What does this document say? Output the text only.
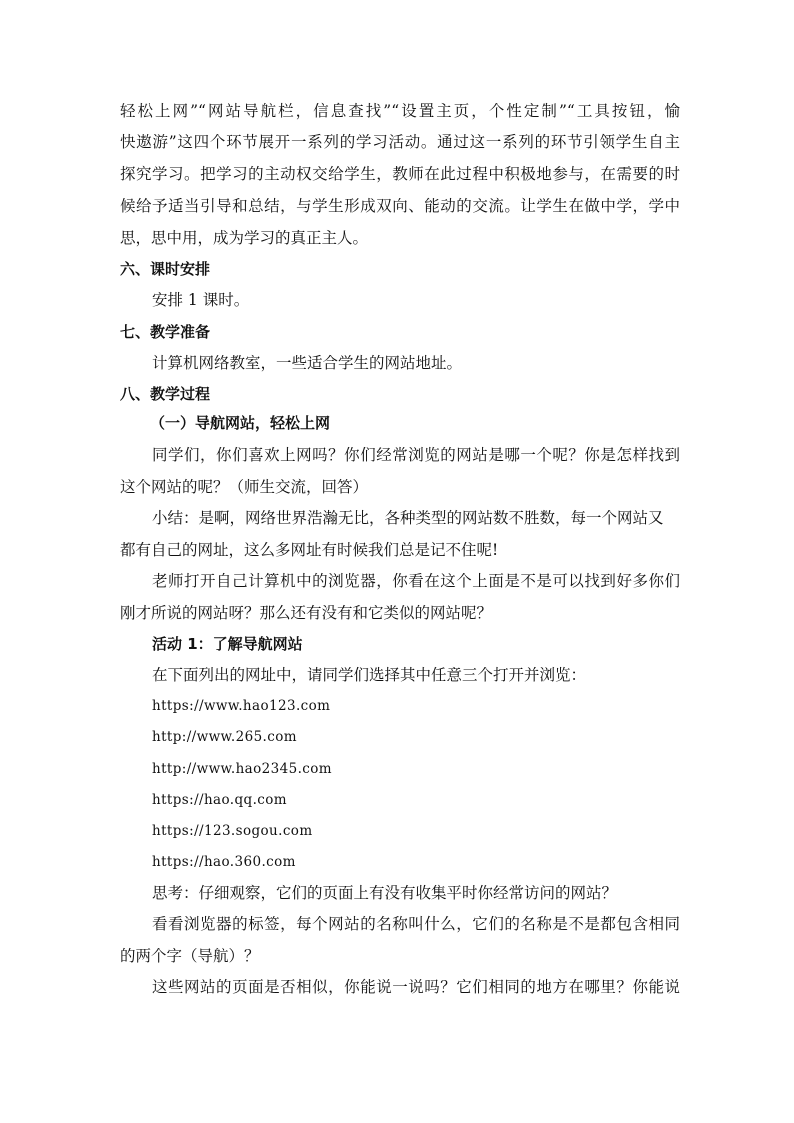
轻松上网”“网站导航栏，信息查找”“设置主页，个性定制”“工具按钮，愉
快遨游”这四个环节展开一系列的学习活动。通过这一系列的环节引领学生自主
探究学习。把学习的主动权交给学生，教师在此过程中积极地参与，在需要的时
候给予适当引导和总结，与学生形成双向、能动的交流。让学生在做中学，学中
思，思中用，成为学习的真正主人。
六、课时安排
安排 1 课时。
七、教学准备
计算机网络教室，一些适合学生的网站地址。
八、教学过程
（一）导航网站，轻松上网
同学们，你们喜欢上网吗？你们经常浏览的网站是哪一个呢？你是怎样找到
这个网站的呢？（师生交流，回答）
小结：是啊，网络世界浩瀚无比，各种类型的网站数不胜数，每一个网站又
都有自己的网址，这么多网址有时候我们总是记不住呢!
老师打开自己计算机中的浏览器，你看在这个上面是不是可以找到好多你们
刚才所说的网站呀？那么还有没有和它类似的网站呢？
活动 1：了解导航网站
在下面列出的网址中，请同学们选择其中任意三个打开并浏览：
https://www.hao123.com
http://www.265.com
http://www.hao2345.com
https://hao.qq.com
https://123.sogou.com
https://hao.360.com
思考：仔细观察，它们的页面上有没有收集平时你经常访问的网站？
看看浏览器的标签，每个网站的名称叫什么，它们的名称是不是都包含相同
的两个字（导航）？
这些网站的页面是否相似，你能说一说吗？它们相同的地方在哪里？你能说
